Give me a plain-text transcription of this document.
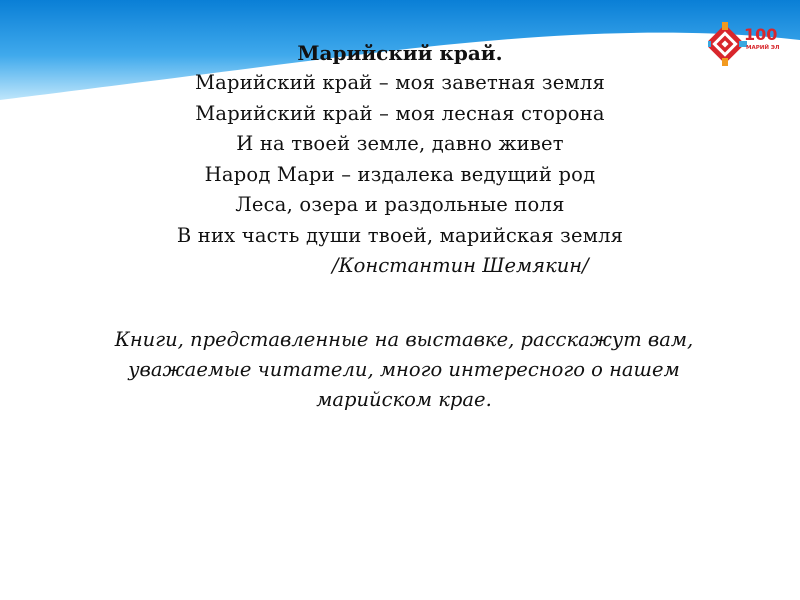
100
МАРИЙ ЭЛ

Марийский край.

Марийский край – моя заветная земля

Марийский край – моя лесная сторона

И на твоей земле, давно живет

Народ Мари – издалека ведущий род

Леса, озера и раздольные поля

В них часть души твоей, марийская земля

/Константин Шемякин/

Книги, представленные на выставке, расскажут вам, уважаемые читатели, много интересного о нашем марийском крае.
